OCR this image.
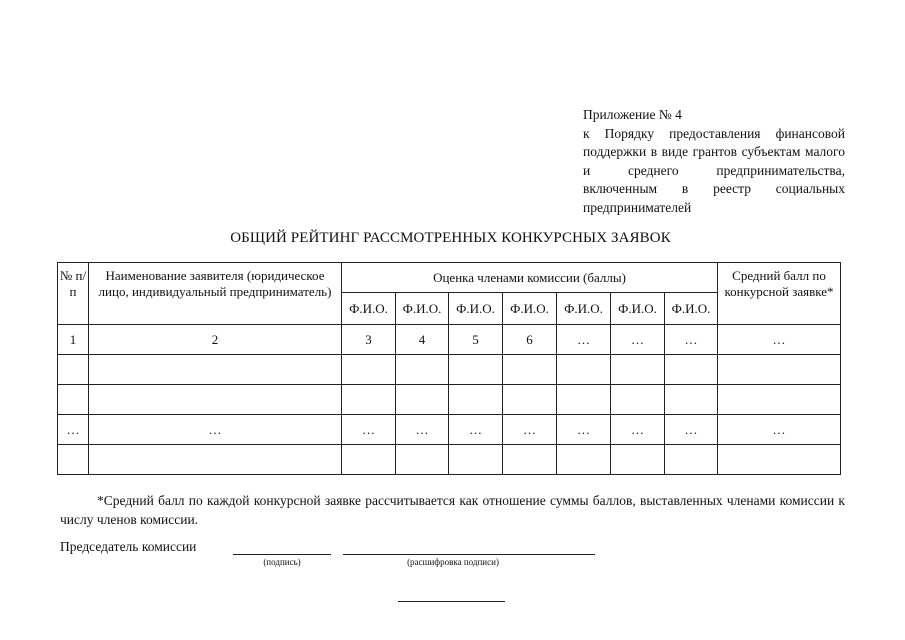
Приложение № 4
к Порядку предоставления финансовой поддержки в виде грантов субъектам малого и среднего предпринимательства, включенным в реестр социальных предпринимателей
ОБЩИЙ РЕЙТИНГ РАССМОТРЕННЫХ КОНКУРСНЫХ ЗАЯВОК
№ п/п	Наименование заявителя (юридическое лицо, индивидуальный предприниматель)	Оценка членами комиссии (баллы)							Средний балл по конкурсной заявке*
		Ф.И.О.	Ф.И.О.	Ф.И.О.	Ф.И.О.	Ф.И.О.	Ф.И.О.	Ф.И.О.	
1	2	3	4	5	6	…	…	…	…

…	…	…	…	…	…	…	…	…	…

*Средний балл по каждой конкурсной заявке рассчитывается как отношение суммы баллов, выставленных членами комиссии к числу членов комиссии.
Председатель комиссии
(подпись)	(расшифровка подписи)
